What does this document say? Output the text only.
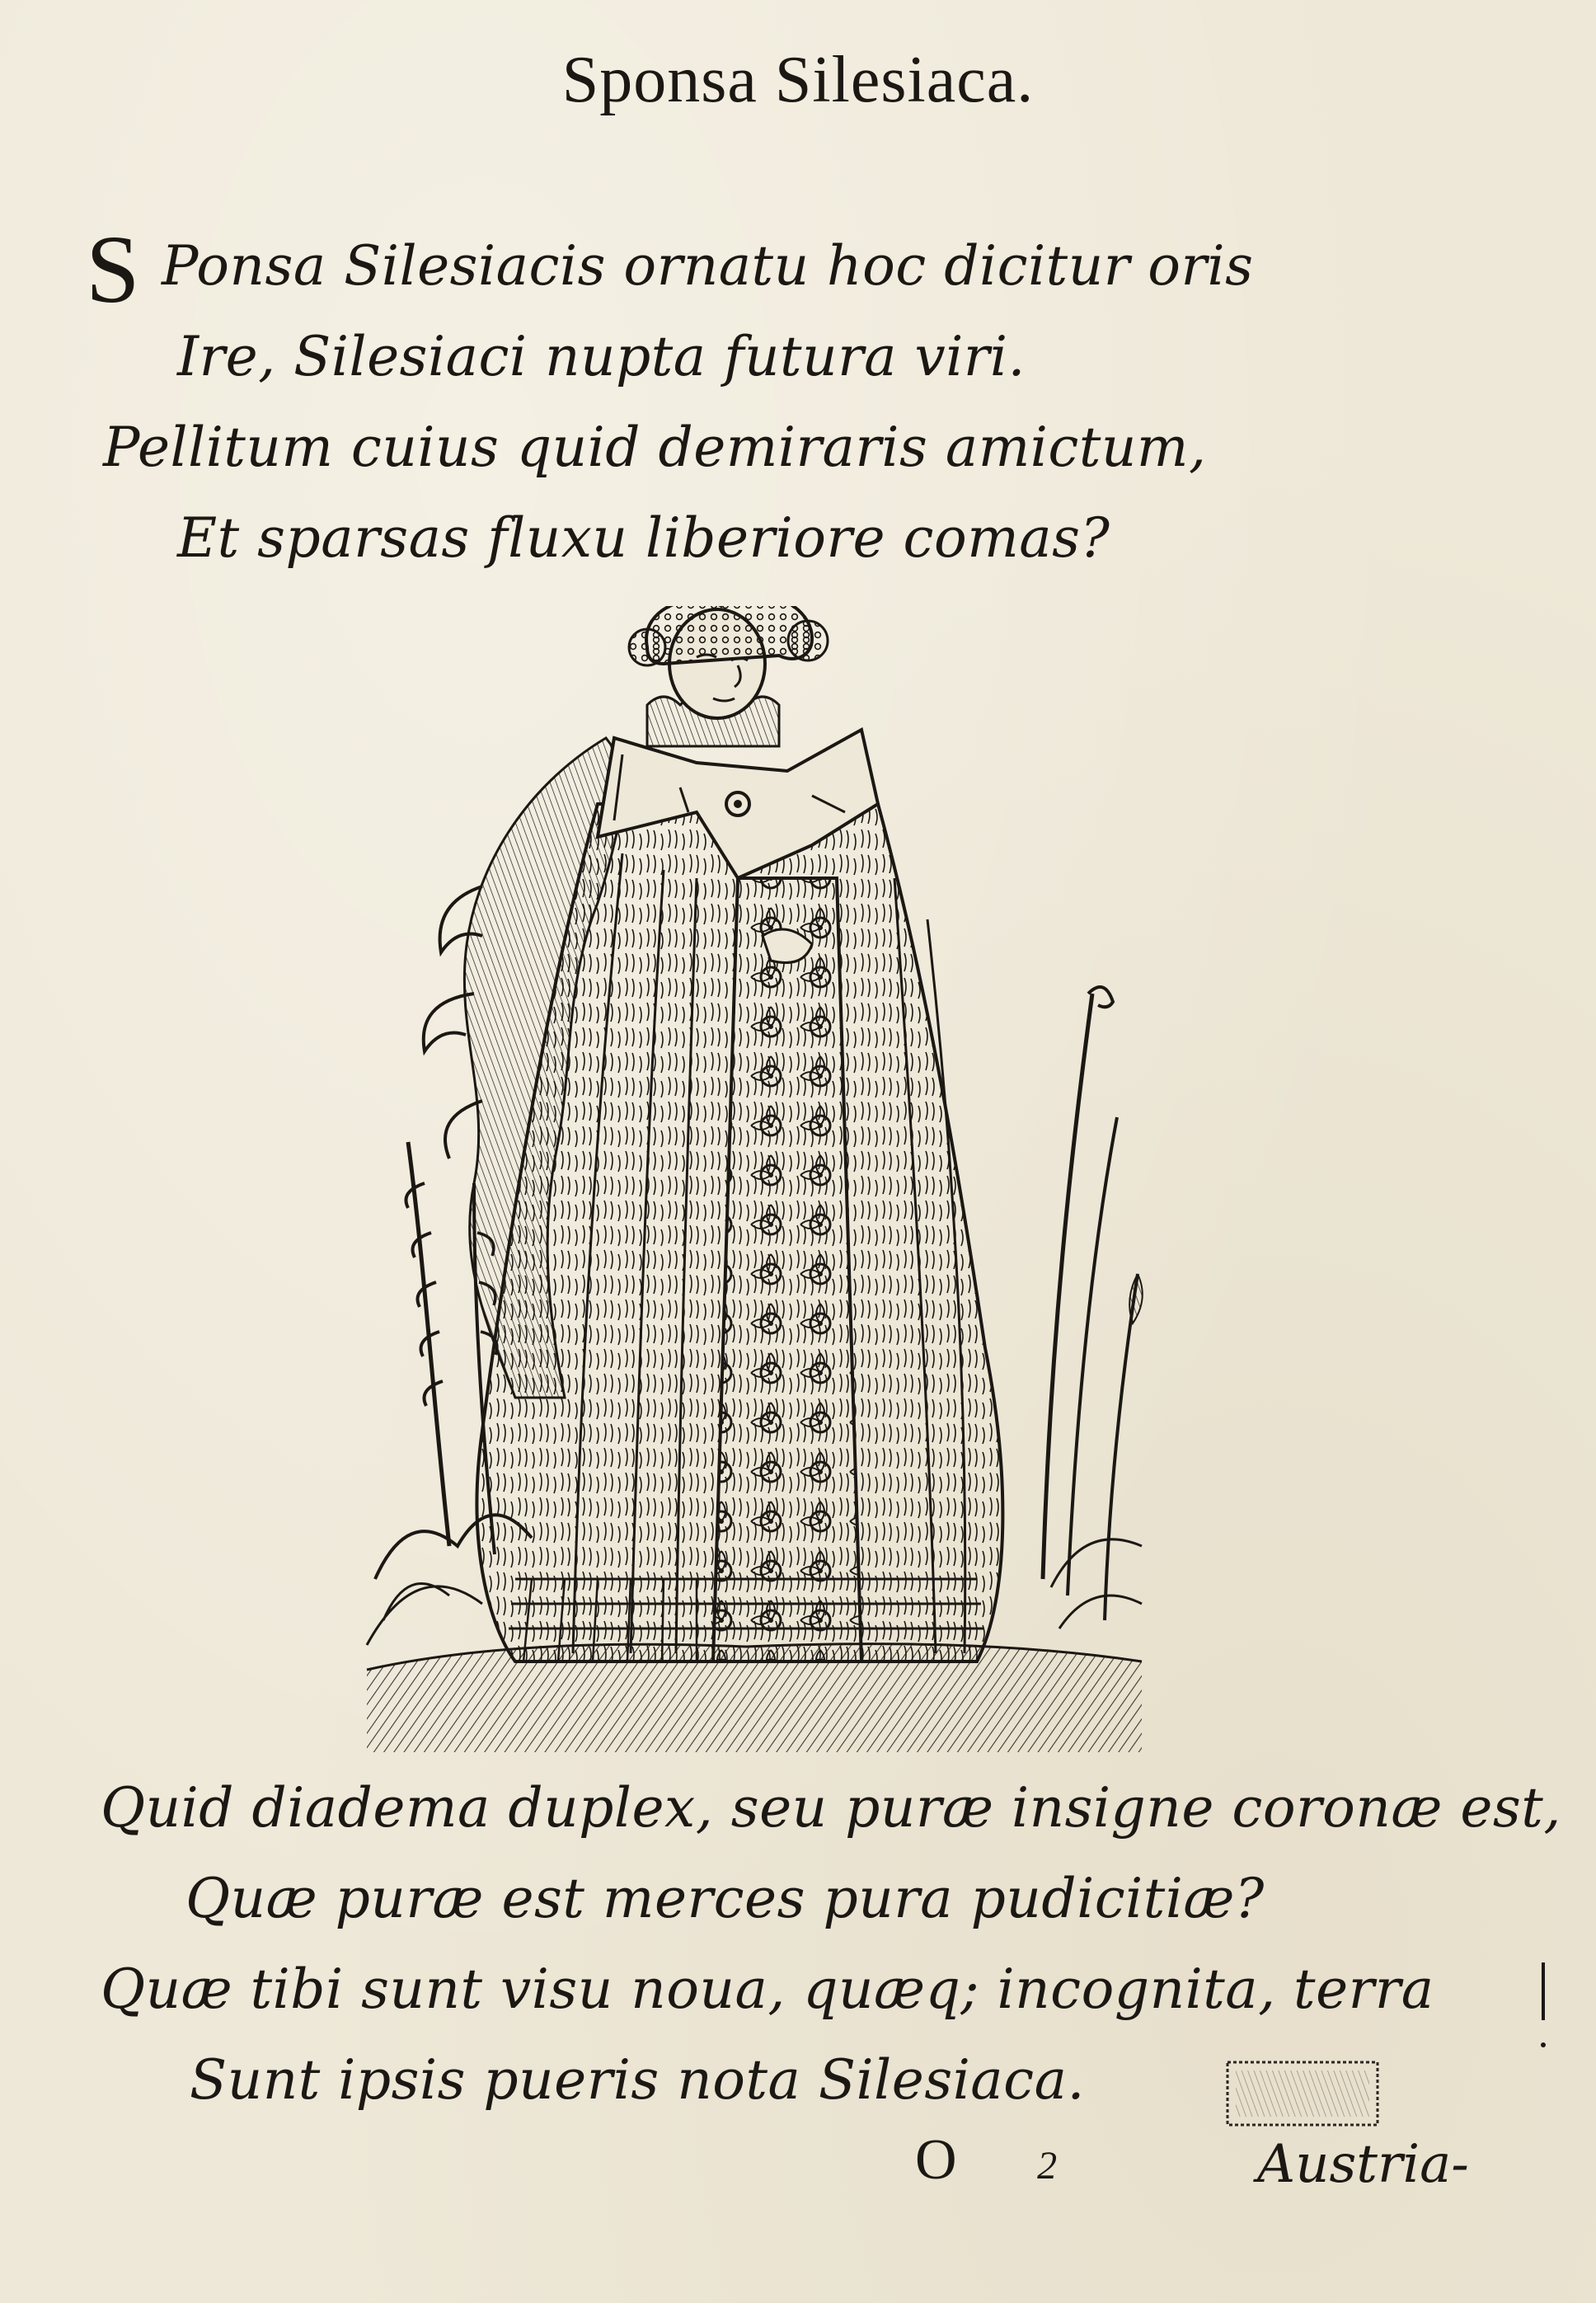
Sponsa Silesiaca.
S Ponsa Silesiacis ornatu hoc dicitur oris
Ire, Silesiaci nupta futura viri.
Pellitum cuius quid demiraris amictum,
Et sparsas fluxu liberiore comas?
Quid diadema duplex, seu puræ insigne coronæ est,
Quæ puræ est merces pura pudicitiæ?
Quæ tibi sunt visu noua, quæq; incognita, terra
Sunt ipsis pueris nota Silesiaca.
O 2	Austria-
